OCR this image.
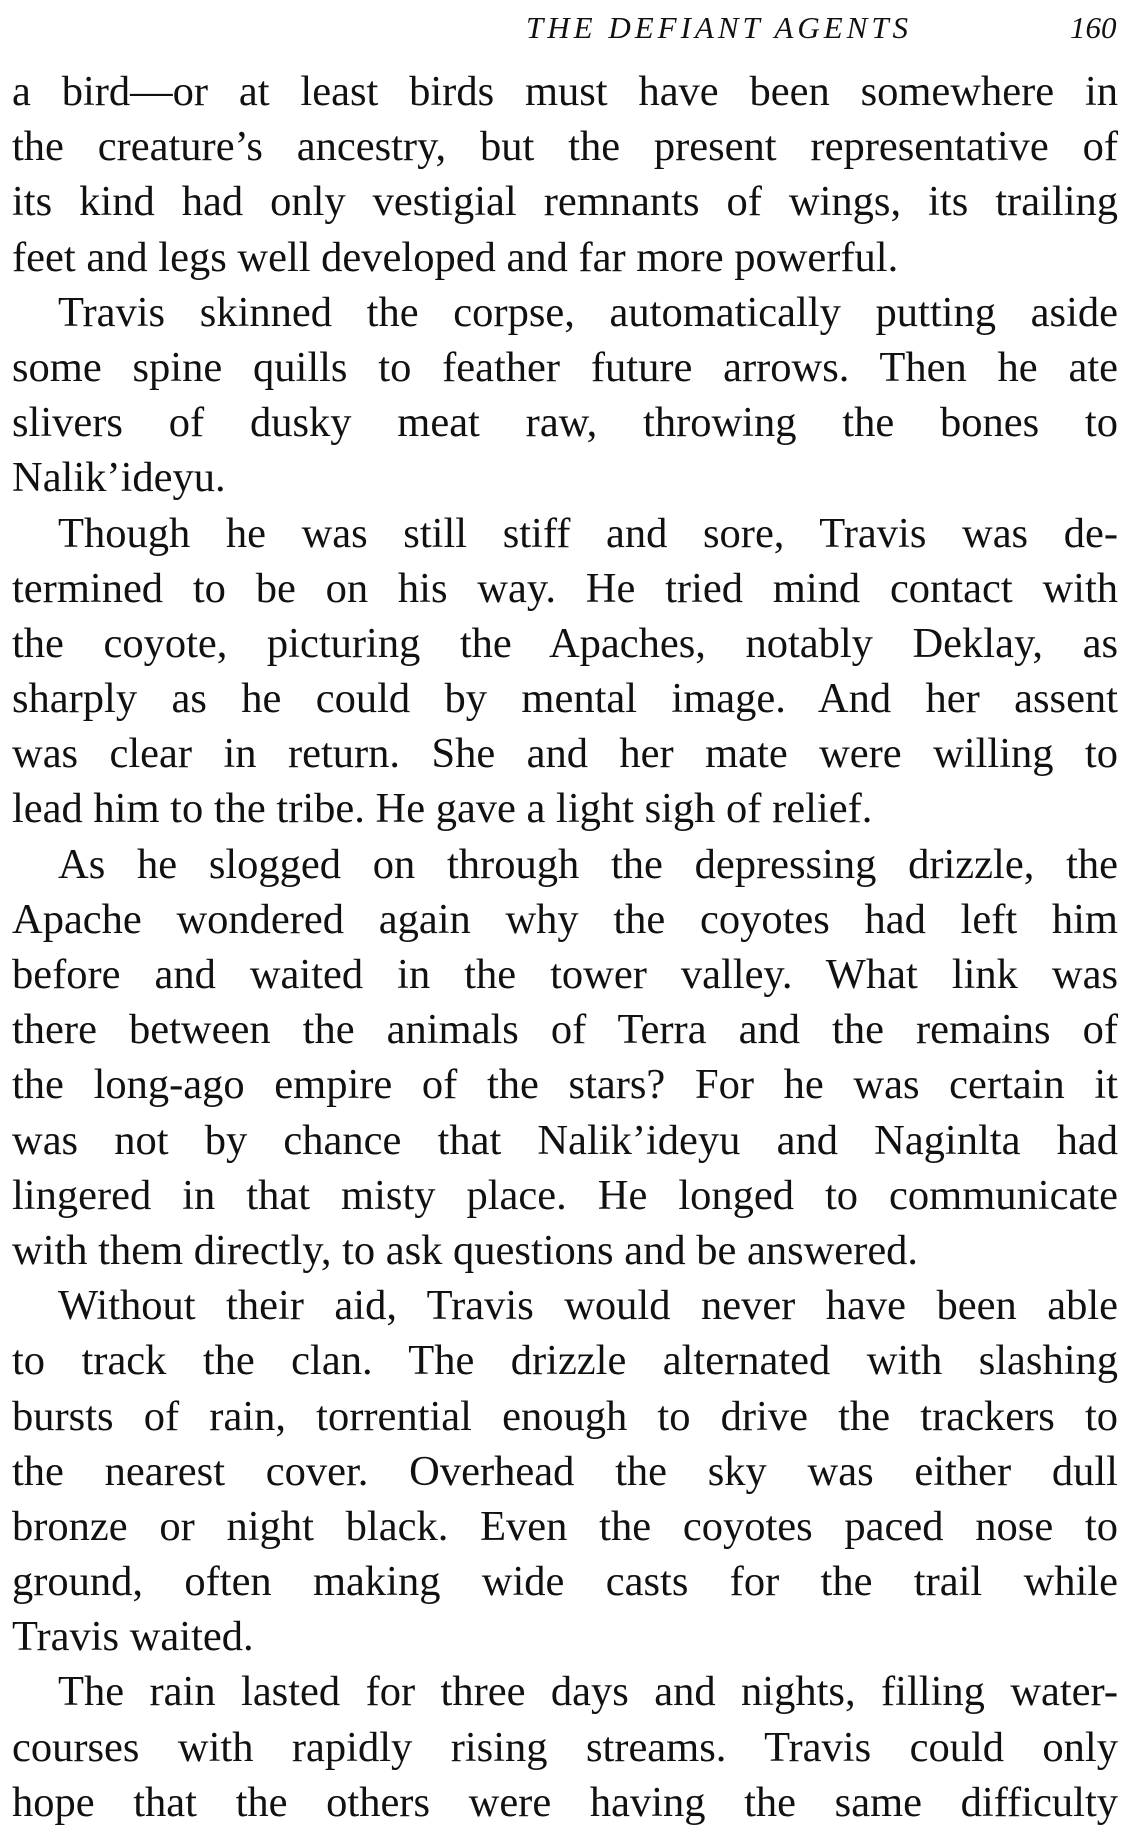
THE DEFIANT AGENTS	160
a bird—or at least birds must have been somewhere in
the creature’s ancestry, but the present representative of
its kind had only vestigial remnants of wings, its trailing
feet and legs well developed and far more powerful.
Travis skinned the corpse, automatically putting aside
some spine quills to feather future arrows. Then he ate
slivers of dusky meat raw, throwing the bones to
Nalik’ideyu.
Though he was still stiff and sore, Travis was de-
termined to be on his way. He tried mind contact with
the coyote, picturing the Apaches, notably Deklay, as
sharply as he could by mental image. And her assent
was clear in return. She and her mate were willing to
lead him to the tribe. He gave a light sigh of relief.
As he slogged on through the depressing drizzle, the
Apache wondered again why the coyotes had left him
before and waited in the tower valley. What link was
there between the animals of Terra and the remains of
the long-ago empire of the stars? For he was certain it
was not by chance that Nalik’ideyu and Naginlta had
lingered in that misty place. He longed to communicate
with them directly, to ask questions and be answered.
Without their aid, Travis would never have been able
to track the clan. The drizzle alternated with slashing
bursts of rain, torrential enough to drive the trackers to
the nearest cover. Overhead the sky was either dull
bronze or night black. Even the coyotes paced nose to
ground, often making wide casts for the trail while
Travis waited.
The rain lasted for three days and nights, filling water-
courses with rapidly rising streams. Travis could only
hope that the others were having the same difficulty
